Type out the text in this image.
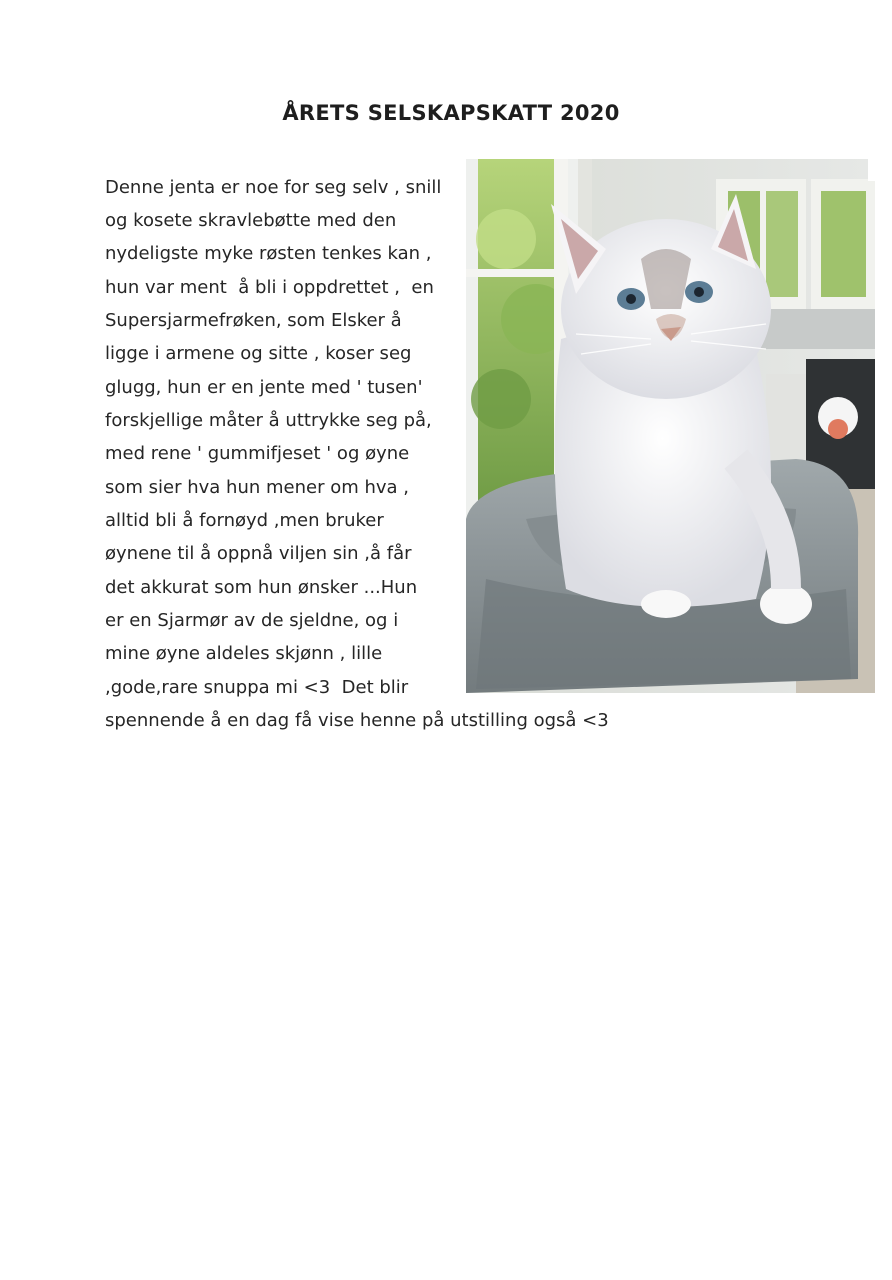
ÅRETS SELSKAPSKATT 2020
Denne jenta er noe for seg selv , snill
og kosete skravlebøtte med den
nydeligste myke røsten tenkes kan ,
hun var ment  å bli i oppdrettet ,  en
Supersjarmefrøken, som Elsker å
ligge i armene og sitte , koser seg
glugg, hun er en jente med ' tusen'
forskjellige måter å uttrykke seg på,
med rene ' gummifjeset ' og øyne
som sier hva hun mener om hva ,
alltid bli å fornøyd ,men bruker
øynene til å oppnå viljen sin ,å får
det akkurat som hun ønsker ...Hun
er en Sjarmør av de sjeldne, og i
mine øyne aldeles skjønn , lille
,gode,rare snuppa mi <3  Det blir
spennende å en dag få vise henne på utstilling også <3
